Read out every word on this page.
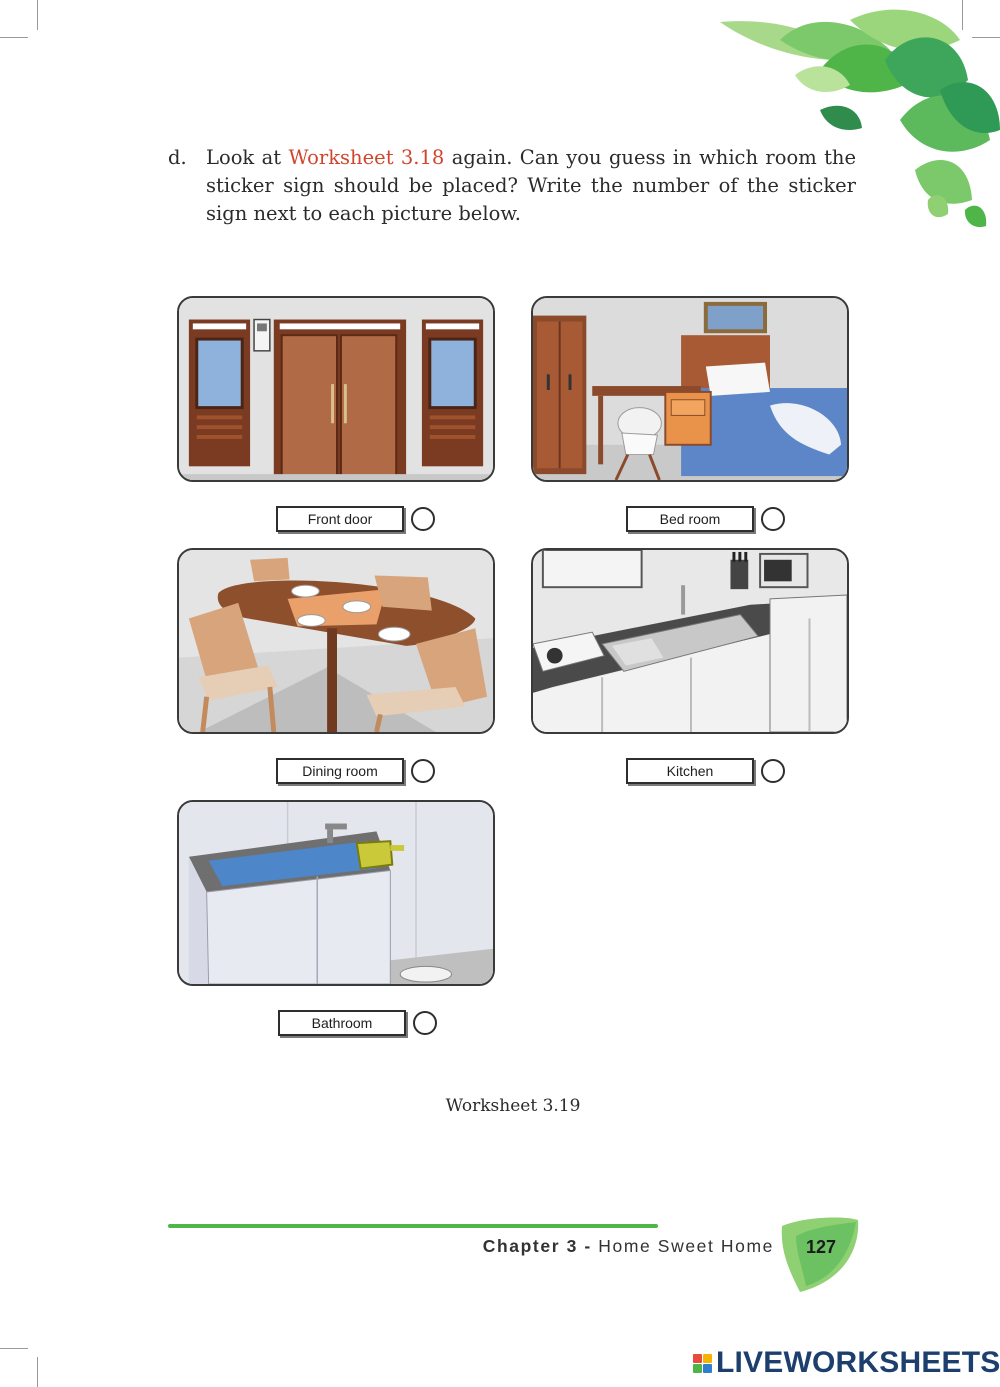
d. Look at Worksheet 3.18 again. Can you guess in which room the sticker sign should be placed? Write the number of the sticker sign next to each picture below.
Front door	Bed room
Dining room	Kitchen
Bathroom
Worksheet 3.19
Chapter 3 - Home Sweet Home	127
LIVEWORKSHEETS
